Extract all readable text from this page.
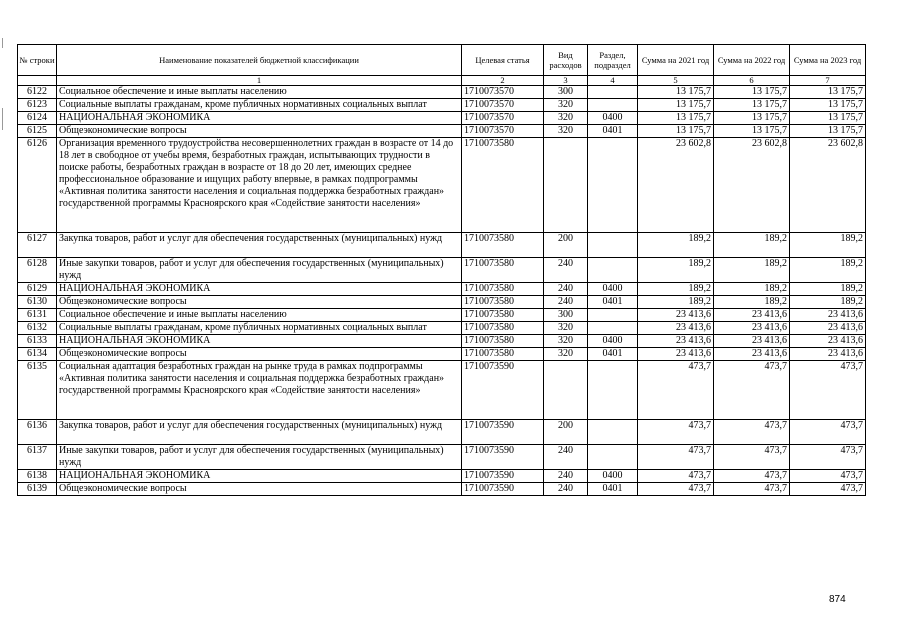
№ строки	Наименование показателей бюджетной классификации	Целевая статья	Вид расходов	Раздел, подраздел	Сумма на 2021 год	Сумма на 2022 год	Сумма на 2023 год
	1	2	3	4	5	6	7
6122	Социальное обеспечение и иные выплаты населению	1710073570	300		13 175,7	13 175,7	13 175,7
6123	Социальные выплаты гражданам, кроме публичных нормативных социальных выплат	1710073570	320		13 175,7	13 175,7	13 175,7
6124	НАЦИОНАЛЬНАЯ ЭКОНОМИКА	1710073570	320	0400	13 175,7	13 175,7	13 175,7
6125	Общеэкономические вопросы	1710073570	320	0401	13 175,7	13 175,7	13 175,7
6126	Организация временного трудоустройства несовершеннолетних граждан в возрасте от 14 до 18 лет в свободное от учебы время, безработных граждан, испытывающих трудности в поиске работы, безработных граждан в возрасте от 18 до 20 лет, имеющих среднее профессиональное образование и ищущих работу впервые, в рамках подпрограммы «Активная политика занятости населения и социальная поддержка безработных граждан» государственной программы Красноярского края «Содействие занятости населения»	1710073580			23 602,8	23 602,8	23 602,8
6127	Закупка товаров, работ и услуг для обеспечения государственных (муниципальных) нужд	1710073580	200		189,2	189,2	189,2
6128	Иные закупки товаров, работ и услуг для обеспечения государственных (муниципальных) нужд	1710073580	240		189,2	189,2	189,2
6129	НАЦИОНАЛЬНАЯ ЭКОНОМИКА	1710073580	240	0400	189,2	189,2	189,2
6130	Общеэкономические вопросы	1710073580	240	0401	189,2	189,2	189,2
6131	Социальное обеспечение и иные выплаты населению	1710073580	300		23 413,6	23 413,6	23 413,6
6132	Социальные выплаты гражданам, кроме публичных нормативных социальных выплат	1710073580	320		23 413,6	23 413,6	23 413,6
6133	НАЦИОНАЛЬНАЯ ЭКОНОМИКА	1710073580	320	0400	23 413,6	23 413,6	23 413,6
6134	Общеэкономические вопросы	1710073580	320	0401	23 413,6	23 413,6	23 413,6
6135	Социальная адаптация безработных граждан на рынке труда в рамках подпрограммы «Активная политика занятости населения и социальная поддержка безработных граждан» государственной программы Красноярского края «Содействие занятости населения»	1710073590			473,7	473,7	473,7
6136	Закупка товаров, работ и услуг для обеспечения государственных (муниципальных) нужд	1710073590	200		473,7	473,7	473,7
6137	Иные закупки товаров, работ и услуг для обеспечения государственных (муниципальных) нужд	1710073590	240		473,7	473,7	473,7
6138	НАЦИОНАЛЬНАЯ ЭКОНОМИКА	1710073590	240	0400	473,7	473,7	473,7
6139	Общеэкономические вопросы	1710073590	240	0401	473,7	473,7	473,7
874
